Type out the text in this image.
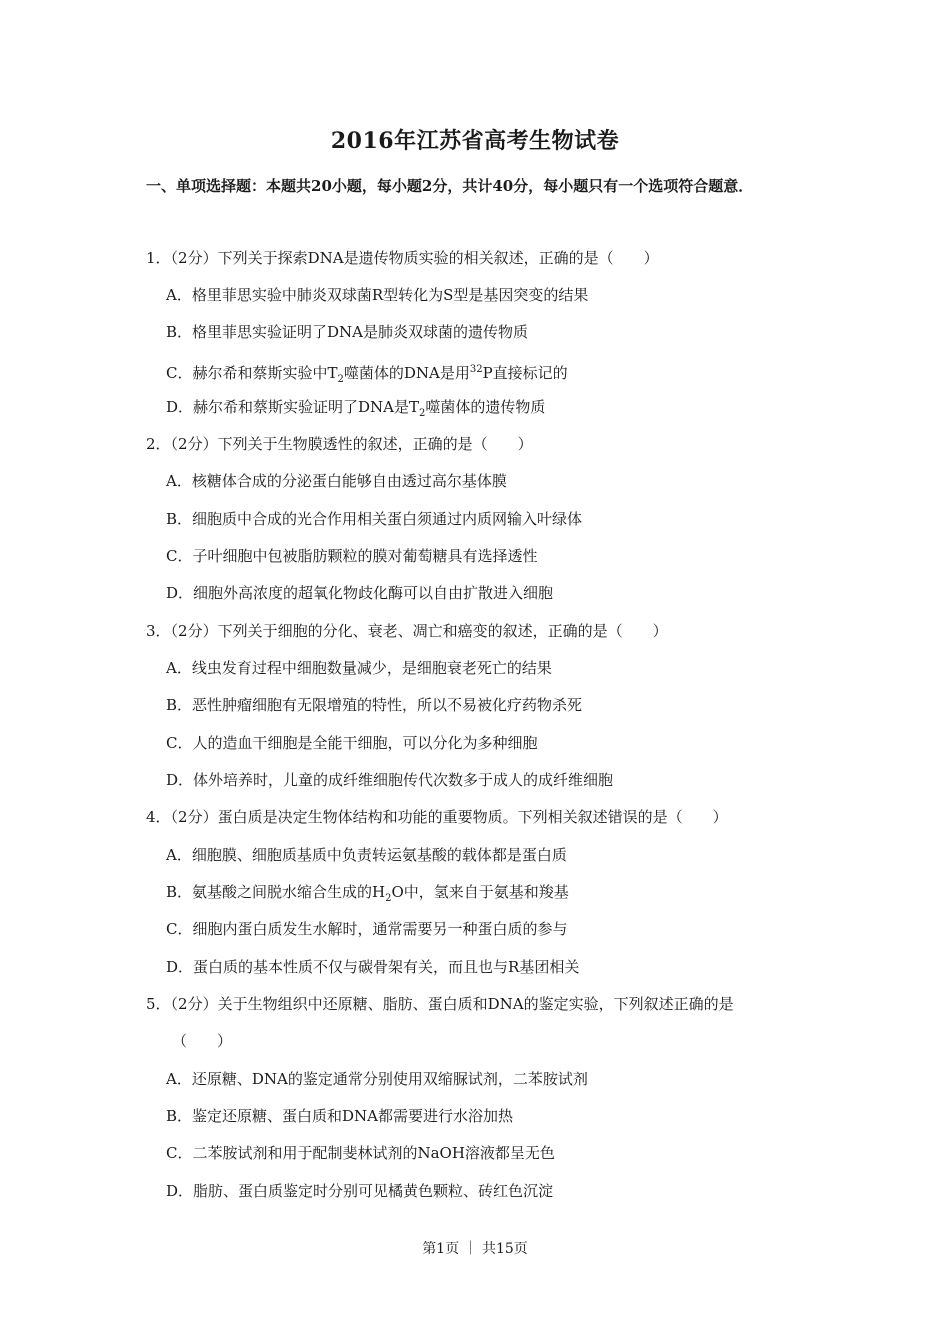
2016年江苏省高考生物试卷
一、单项选择题：本题共20小题，每小题2分，共计40分，每小题只有一个选项符合题意．
1．（2分）下列关于探索DNA是遗传物质实验的相关叙述，正确的是（　　）
A．格里菲思实验中肺炎双球菌R型转化为S型是基因突变的结果
B．格里菲思实验证明了DNA是肺炎双球菌的遗传物质
C．赫尔希和蔡斯实验中$T_2$噬菌体的DNA是用$^{32}$P直接标记的
D．赫尔希和蔡斯实验证明了DNA是$T_2$噬菌体的遗传物质
2．（2分）下列关于生物膜透性的叙述，正确的是（　　）
A．核糖体合成的分泌蛋白能够自由透过高尔基体膜
B．细胞质中合成的光合作用相关蛋白须通过内质网输入叶绿体
C．子叶细胞中包被脂肪颗粒的膜对葡萄糖具有选择透性
D．细胞外高浓度的超氧化物歧化酶可以自由扩散进入细胞
3．（2分）下列关于细胞的分化、衰老、凋亡和癌变的叙述，正确的是（　　）
A．线虫发育过程中细胞数量减少，是细胞衰老死亡的结果
B．恶性肿瘤细胞有无限增殖的特性，所以不易被化疗药物杀死
C．人的造血干细胞是全能干细胞，可以分化为多种细胞
D．体外培养时，儿童的成纤维细胞传代次数多于成人的成纤维细胞
4．（2分）蛋白质是决定生物体结构和功能的重要物质。下列相关叙述错误的是（　　）
A．细胞膜、细胞质基质中负责转运氨基酸的载体都是蛋白质
B．氨基酸之间脱水缩合生成的$H_2O$中，氢来自于氨基和羧基
C．细胞内蛋白质发生水解时，通常需要另一种蛋白质的参与
D．蛋白质的基本性质不仅与碳骨架有关，而且也与R基团相关
5．（2分）关于生物组织中还原糖、脂肪、蛋白质和DNA的鉴定实验，下列叙述正确的是
（　　）
A．还原糖、DNA的鉴定通常分别使用双缩脲试剂，二苯胺试剂
B．鉴定还原糖、蛋白质和DNA都需要进行水浴加热
C．二苯胺试剂和用于配制斐林试剂的NaOH溶液都呈无色
D．脂肪、蛋白质鉴定时分别可见橘黄色颗粒、砖红色沉淀
第1页 ｜ 共15页
